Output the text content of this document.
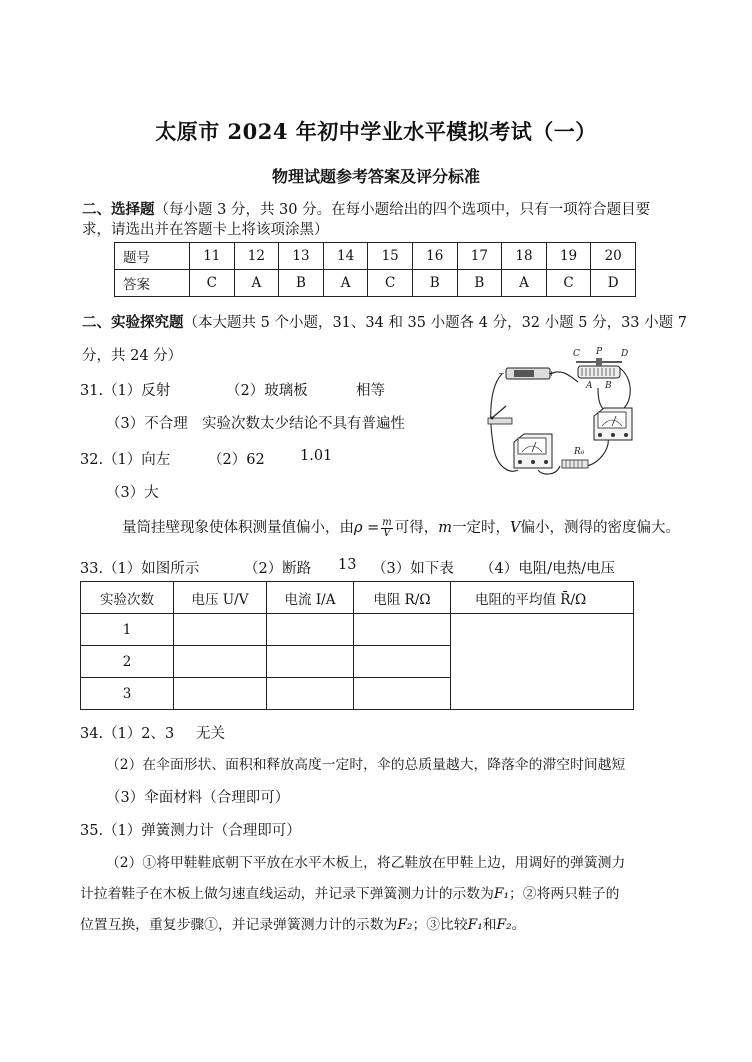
太原市 2024 年初中学业水平模拟考试（一）
物理试题参考答案及评分标准
二、选择题（每小题 3 分，共 30 分。在每小题给出的四个选项中，只有一项符合题目要
求，请选出并在答题卡上将该项涂黑）
题号	11	12	13	14	15	16	17	18	19	20
答案	C	A	B	A	C	B	B	A	C	D
二、实验探究题（本大题共 5 个小题，31、34 和 35 小题各 4 分，32 小题 5 分，33 小题 7
分，共 24 分）
31.（1）反射	（2）玻璃板	相等
（3）不合理 实验次数太少结论不具有普遍性
32.（1）向左	（2）62 1.01
（3）大
量筒挂壁现象使体积测量值偏小，由$\rho = \frac{m}{V}$ 可得，m一定时，V偏小，测得的密度偏大。
33.（1）如图所示	（2）断路 13 （3）如下表 （4）电阻/电热/电压
实验次数	电压 U/V	电流 I/A	电阻 R/Ω	电阻的平均值 R̄/Ω
1				
2				
3				
34.（1）2、3 无关
（2）在伞面形状、面积和释放高度一定时，伞的总质量越大，降落伞的滞空时间越短
（3）伞面材料（合理即可）
35.（1）弹簧测力计（合理即可）
（2）①将甲鞋鞋底朝下平放在水平木板上，将乙鞋放在甲鞋上边，用调好的弹簧测力
计拉着鞋子在木板上做匀速直线运动，并记录下弹簧测力计的示数为F₁；②将两只鞋子的
位置互换，重复步骤①，并记录弹簧测力计的示数为F₂；③比较F₁和F₂。
−	+
C P D
A B
R₀
